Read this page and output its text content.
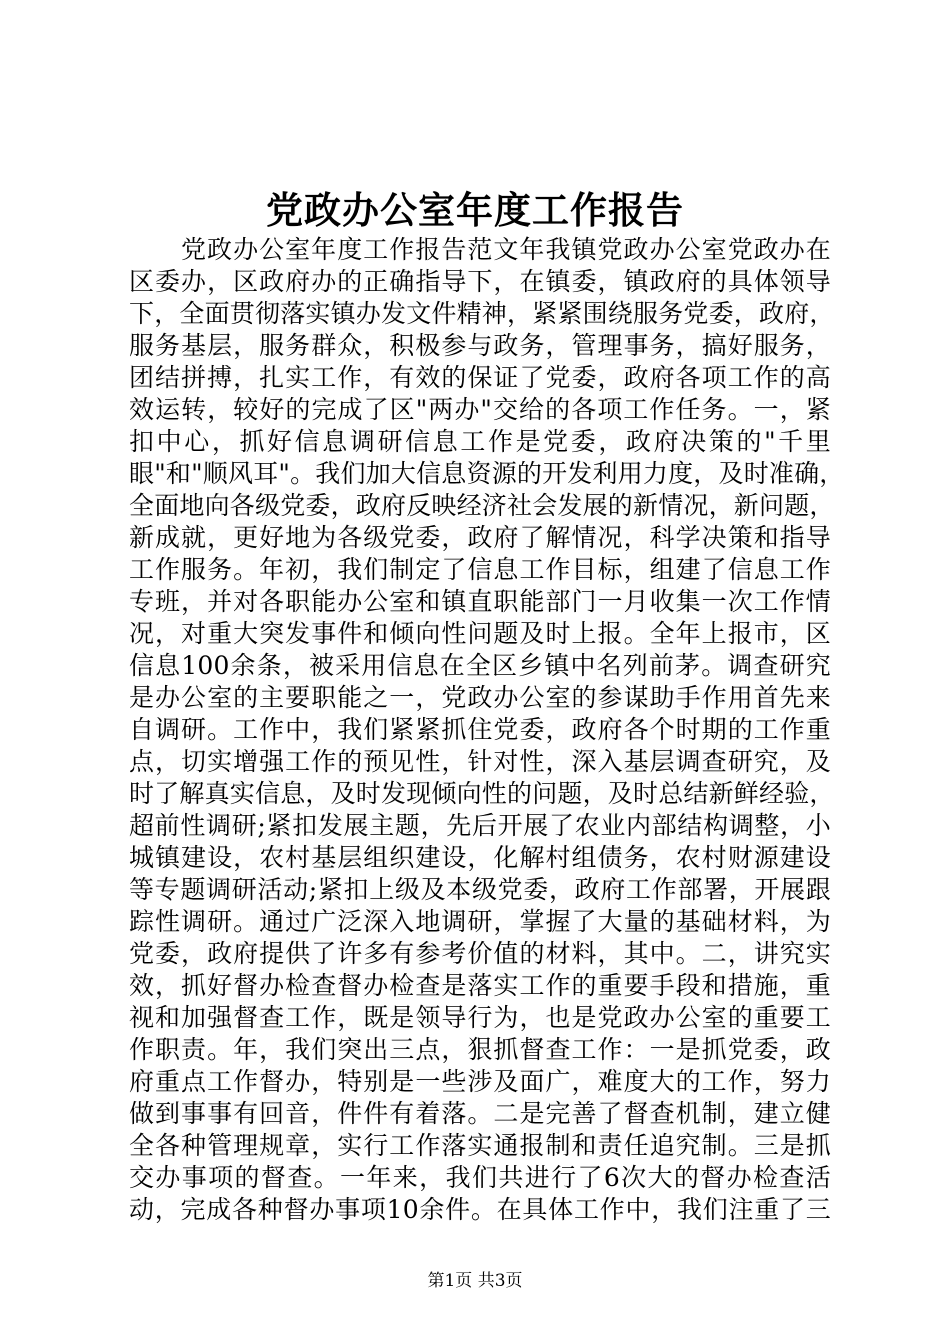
党政办公室年度工作报告
党政办公室年度工作报告范文年我镇党政办公室党政办在
区委办，区政府办的正确指导下，在镇委，镇政府的具体领导
下，全面贯彻落实镇办发文件精神，紧紧围绕服务党委，政府，
服务基层，服务群众，积极参与政务，管理事务，搞好服务，
团结拼搏，扎实工作，有效的保证了党委，政府各项工作的高
效运转，较好的完成了区"两办"交给的各项工作任务。一，紧
扣中心，抓好信息调研信息工作是党委，政府决策的"千里
眼"和"顺风耳"。我们加大信息资源的开发利用力度，及时准确，
全面地向各级党委，政府反映经济社会发展的新情况，新问题，
新成就，更好地为各级党委，政府了解情况，科学决策和指导
工作服务。年初，我们制定了信息工作目标，组建了信息工作
专班，并对各职能办公室和镇直职能部门一月收集一次工作情
况，对重大突发事件和倾向性问题及时上报。全年上报市，区
信息100余条，被采用信息在全区乡镇中名列前茅。调查研究
是办公室的主要职能之一，党政办公室的参谋助手作用首先来
自调研。工作中，我们紧紧抓住党委，政府各个时期的工作重
点，切实增强工作的预见性，针对性，深入基层调查研究，及
时了解真实信息，及时发现倾向性的问题，及时总结新鲜经验，
超前性调研;紧扣发展主题，先后开展了农业内部结构调整，小
城镇建设，农村基层组织建设，化解村组债务，农村财源建设
等专题调研活动;紧扣上级及本级党委，政府工作部署，开展跟
踪性调研。通过广泛深入地调研，掌握了大量的基础材料，为
党委，政府提供了许多有参考价值的材料，其中。二，讲究实
效，抓好督办检查督办检查是落实工作的重要手段和措施，重
视和加强督查工作，既是领导行为，也是党政办公室的重要工
作职责。年，我们突出三点，狠抓督查工作：一是抓党委，政
府重点工作督办，特别是一些涉及面广，难度大的工作，努力
做到事事有回音，件件有着落。二是完善了督查机制，建立健
全各种管理规章，实行工作落实通报制和责任追究制。三是抓
交办事项的督查。一年来，我们共进行了6次大的督办检查活
动，完成各种督办事项10余件。在具体工作中，我们注重了三
第1页 共3页
